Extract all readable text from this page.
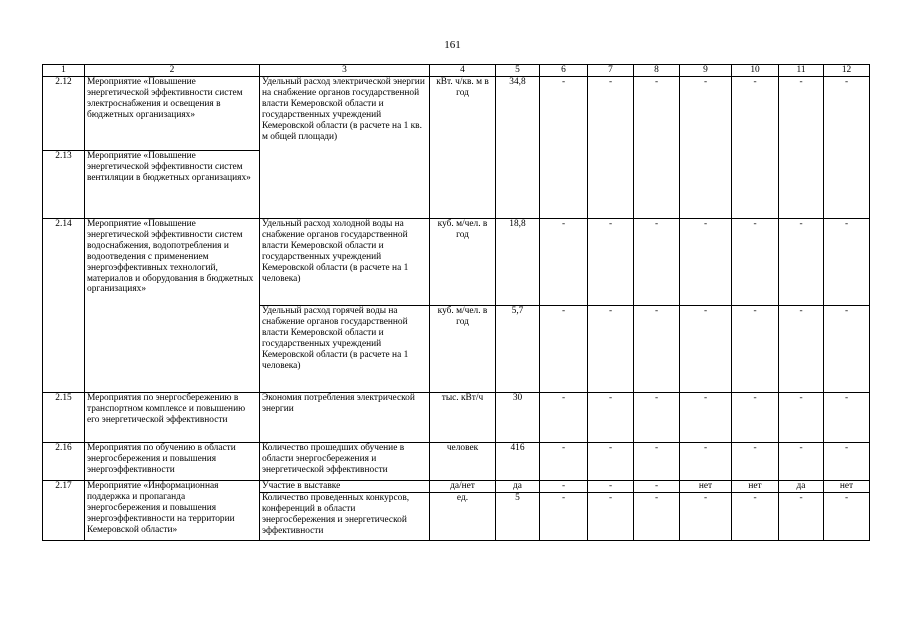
161
1	2	3	4	5	6	7	8	9	10	11	12
2.12	Мероприятие «Повышение энергетической эффективности систем электроснабжения и освещения в бюджетных организациях»	Удельный расход электрической энергии на снабжение органов государственной власти Кемеровской области и государственных учреждений Кемеровской области (в расчете на 1 кв. м общей площади)	кВт. ч/кв. м в год	34,8	-	-	-	-	-	-	-
2.13	Мероприятие «Повышение энергетической эффективности систем вентиляции в бюджетных организациях»										
2.14	Мероприятие «Повышение энергетической эффективности систем водоснабжения, водопотребления и водоотведения с применением энергоэффективных технологий, материалов и оборудования в бюджетных организациях»	Удельный расход холодной воды на снабжение органов государственной власти Кемеровской области и государственных учреждений Кемеровской области (в расчете на 1 человека)	куб. м/чел. в год	18,8	-	-	-	-	-	-	-
		Удельный расход горячей воды на снабжение органов государственной власти Кемеровской области и государственных учреждений Кемеровской области (в расчете на 1 человека)	куб. м/чел. в год	5,7	-	-	-	-	-	-	-
2.15	Мероприятия по энергосбережению в транспортном комплексе и повышению его энергетической эффективности	Экономия потребления электрической энергии	тыс. кВт/ч	30	-	-	-	-	-	-	-
2.16	Мероприятия по обучению в области энергосбережения и повышения энергоэффективности	Количество прошедших обучение в области энергосбережения и энергетической эффективности	человек	416	-	-	-	-	-	-	-
2.17	Мероприятие «Информационная поддержка и пропаганда энергосбережения и повышения энергоэффективности на территории Кемеровской области»	Участие в выставке	да/нет	да	-	-	-	нет	нет	да	нет
		Количество проведенных конкурсов, конференций в области энергосбережения и энергетической эффективности	ед.	5	-	-	-	-	-	-	-
